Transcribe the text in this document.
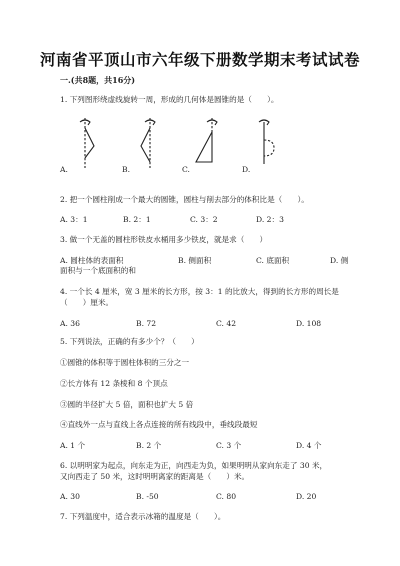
河南省平顶山市六年级下册数学期末考试试卷
一.(共8题，共16分)
1. 下列图形绕虚线旋转一周，形成的几何体是圆锥的是（　　）。
A.	B.	C.	D.
2. 把一个圆柱削成一个最大的圆锥，圆柱与削去部分的体积比是（　　）。
A. 3：1	B. 2：1	C. 3：2	D. 2：3
3. 做一个无盖的圆柱形铁皮水桶用多少铁皮，就是求（　　）
A. 圆柱体的表面积	B. 侧面积	C. 底面积	D. 侧
面积与一个底面积的和
4. 一个长 4 厘米，宽 3 厘米的长方形，按 3：1 的比放大，得到的长方形的周长是
（　　）厘米。
A. 36	B. 72	C. 42	D. 108
5. 下列说法，正确的有多少个？（　　）
①圆锥的体积等于圆柱体积的三分之一
②长方体有 12 条棱和 8 个顶点
③圆的半径扩大 5 倍，面积也扩大 5 倍
④直线外一点与直线上各点连接的所有线段中，垂线段最短
A. 1 个	B. 2 个	C. 3 个	D. 4 个
6. 以明明家为起点，向东走为正，向西走为负，如果明明从家向东走了 30 米，
又向西走了 50 米，这时明明离家的距离是（　　）米。
A. 30	B. -50	C. 80	D. 20
7. 下列温度中，适合表示冰箱的温度是（　　）。
